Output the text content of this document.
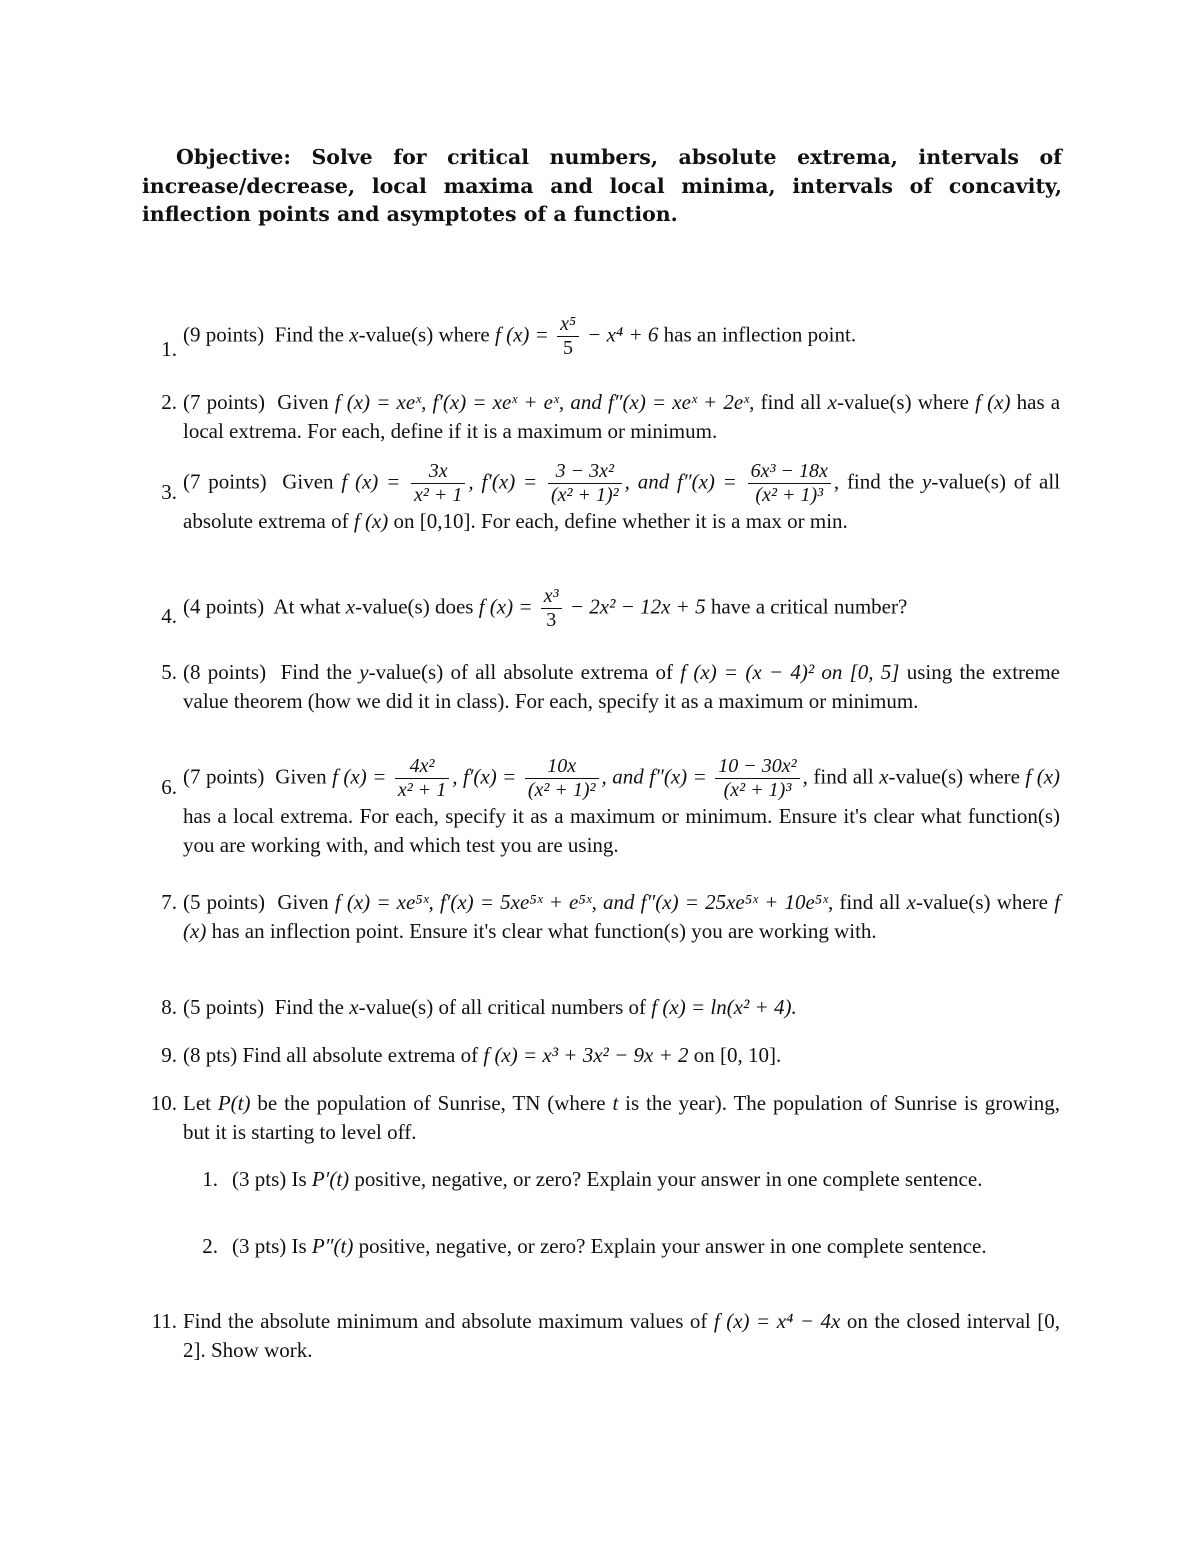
Objective: Solve for critical numbers, absolute extrema, intervals of increase/decrease, local maxima and local minima, intervals of concavity, inflection points and asymptotes of a function.
1.
(9 points) Find the x-value(s) where f $(x) = \frac{\text{x⁵}}{5} - x^4 + 6$ has an inflection point.
2. (7 points) Given f (x) = xeˣ, f′(x) = xeˣ + eˣ, and f″(x) = xeˣ + 2eˣ, find all x-value(s) where f (x) has a local extrema. For each, define if it is a maximum or minimum.
3. (7 points) Given f $(x) = \frac{3x}{\text{x² + 1}}$ , $f'(x) = \frac{\text{3 − 3x²}}{\text{(x² + 1)²}}$ , and $f''(x) = \frac{\text{6x³ − 18x}}{\text{(x² + 1)³}}$ , find the y-value(s) of all absolute extrema of f (x) on [0,10]. For each, define whether it is a max or min.
4. (4 points) At what x-value(s) does f $(x) = \frac{\text{x³}}{3} - 2x^2 - 12x + 5$ have a critical number?
5. (8 points) Find the y-value(s) of all absolute extrema of f (x) = (x − 4)² on [0, 5] using the extreme value theorem (how we did it in class). For each, specify it as a maximum or minimum.
6. (7 points) Given f $(x) = \frac{\text{4x²}}{\text{x² + 1}}$ , $f'(x) = \frac{10x}{\text{(x² + 1)²}}$ , and $f''(x) = \frac{\text{10 − 30x²}}{\text{(x² + 1)³}}$ , find all x-value(s) where f (x) has a local extrema. For each, specify it as a maximum or minimum. Ensure it's clear what function(s) you are working with, and which test you are using.
7. (5 points) Given f (x) = xe⁵ˣ, f′(x) = 5xe⁵ˣ + e⁵ˣ, and f″(x) = 25xe⁵ˣ + 10e⁵ˣ, find all x-value(s) where f (x) has an inflection point. Ensure it's clear what function(s) you are working with.
8. (5 points) Find the x-value(s) of all critical numbers of f (x) = ln(x² + 4).
9. (8 pts) Find all absolute extrema of f (x) = x³ + 3x² − 9x + 2 on [0, 10].
10. Let P(t) be the population of Sunrise, TN (where t is the year). The population of Sunrise is growing, but it is starting to level off.
1. (3 pts) Is P′(t) positive, negative, or zero? Explain your answer in one complete sentence.
2. (3 pts) Is P″(t) positive, negative, or zero? Explain your answer in one complete sentence.
11. Find the absolute minimum and absolute maximum values of f (x) = x⁴ − 4x on the closed interval [0, 2]. Show work.
